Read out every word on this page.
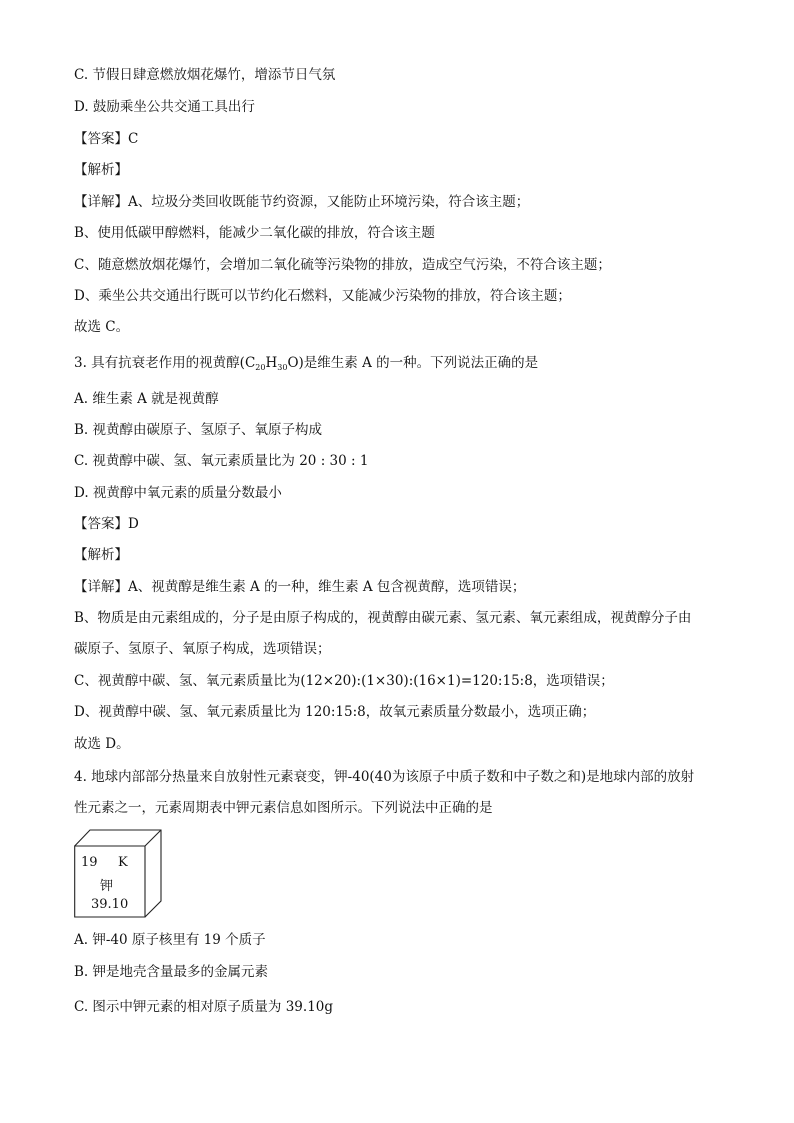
C. 节假日肆意燃放烟花爆竹，增添节日气氛
D. 鼓励乘坐公共交通工具出行
【答案】C
【解析】
【详解】A、垃圾分类回收既能节约资源，又能防止环境污染，符合该主题；
B、使用低碳甲醇燃料，能减少二氧化碳的排放，符合该主题
C、随意燃放烟花爆竹，会增加二氧化硫等污染物的排放，造成空气污染，不符合该主题；
D、乘坐公共交通出行既可以节约化石燃料，又能减少污染物的排放，符合该主题；
故选 C。
3. 具有抗衰老作用的视黄醇$(C_{20}H_{30}O)$是维生素 A 的一种。下列说法正确的是
A. 维生素 A 就是视黄醇
B. 视黄醇由碳原子、氢原子、氧原子构成
C. 视黄醇中碳、氢、氧元素质量比为 20 : 30 : 1
D. 视黄醇中氧元素的质量分数最小
【答案】D
【解析】
【详解】A、视黄醇是维生素 A 的一种，维生素 A 包含视黄醇，选项错误；
B、物质是由元素组成的，分子是由原子构成的，视黄醇由碳元素、氢元素、氧元素组成，视黄醇分子由
碳原子、氢原子、氧原子构成，选项错误；
C、视黄醇中碳、氢、氧元素质量比为(12×20):(1×30):(16×1)=120:15:8，选项错误；
D、视黄醇中碳、氢、氧元素质量比为 120:15:8，故氧元素质量分数最小，选项正确；
故选 D。
4. 地球内部部分热量来自放射性元素衰变，钾-40(40为该原子中质子数和中子数之和)是地球内部的放射
性元素之一，元素周期表中钾元素信息如图所示。下列说法中正确的是
19 K
钾
39.10
A. 钾-40 原子核里有 19 个质子
B. 钾是地壳含量最多的金属元素
C. 图示中钾元素的相对原子质量为 39.10g
